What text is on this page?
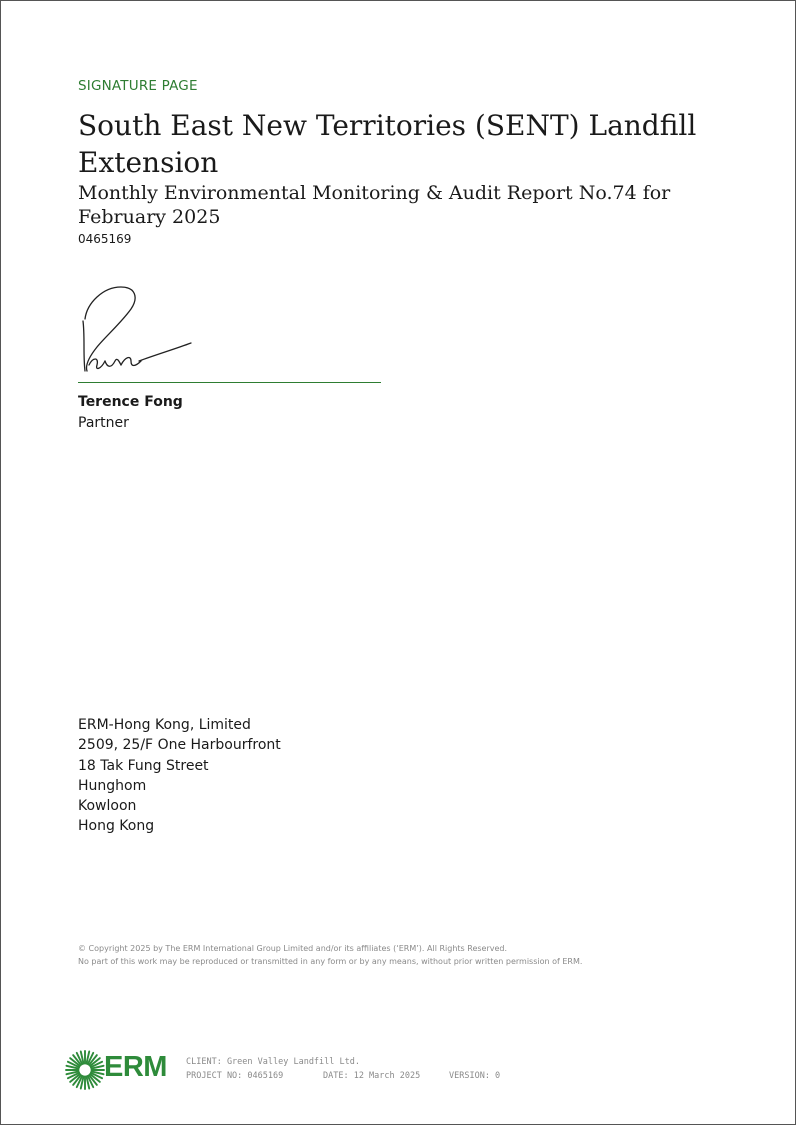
SIGNATURE PAGE
South East New Territories (SENT) Landfill Extension
Monthly Environmental Monitoring & Audit Report No.74 for February 2025
0465169
Terence Fong
Partner
ERM-Hong Kong, Limited
2509, 25/F One Harbourfront
18 Tak Fung Street
Hunghom
Kowloon
Hong Kong
© Copyright 2025 by The ERM International Group Limited and/or its affiliates (‘ERM’). All Rights Reserved.
No part of this work may be reproduced or transmitted in any form or by any means, without prior written permission of ERM.
ERM CLIENT: Green Valley Landfill Ltd.
PROJECT NO: 0465169	DATE: 12 March 2025	VERSION: 0
